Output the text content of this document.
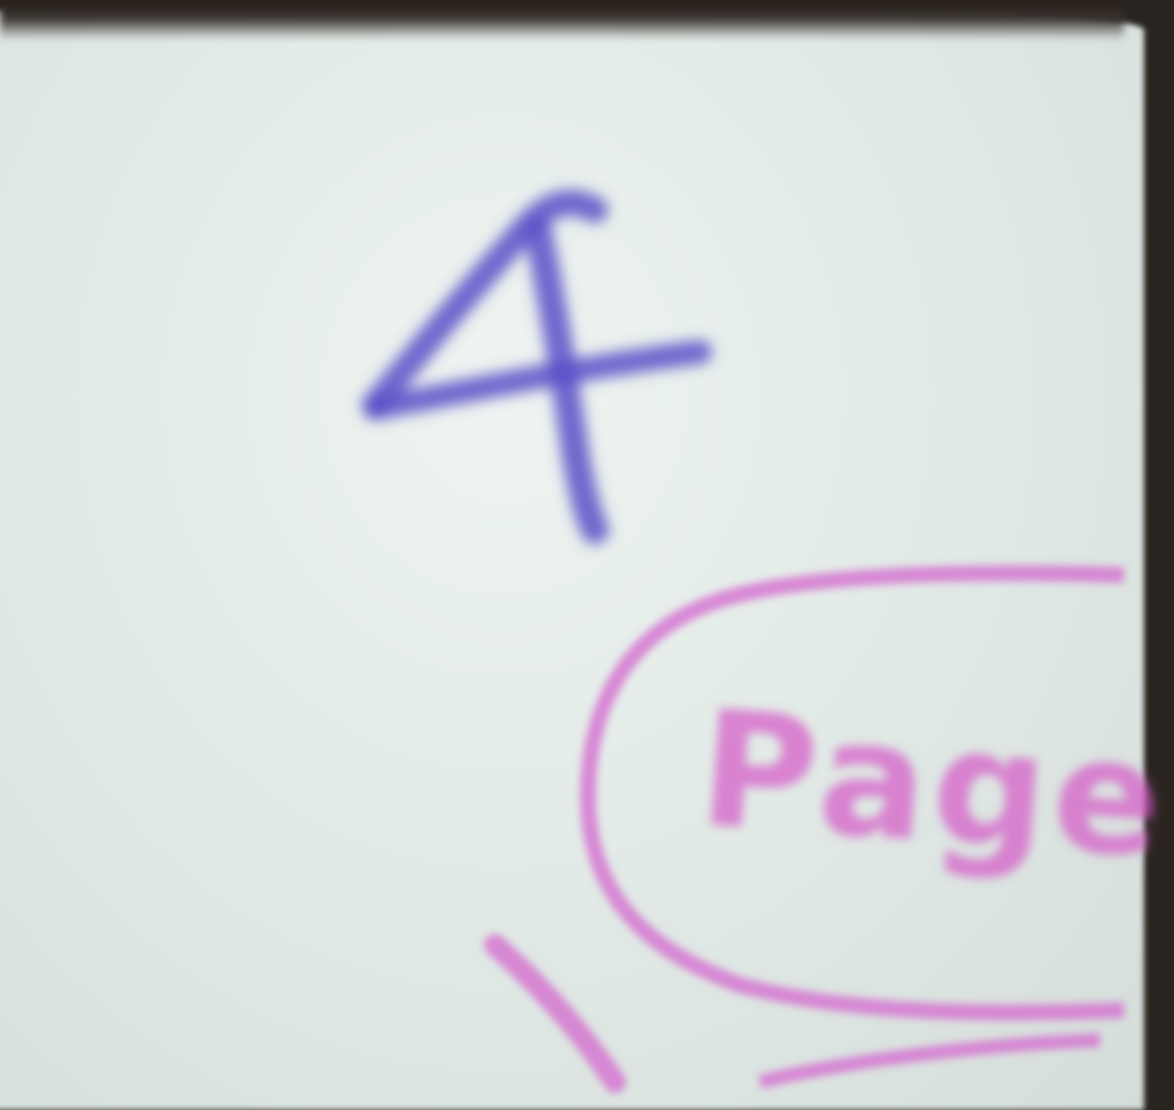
Page
